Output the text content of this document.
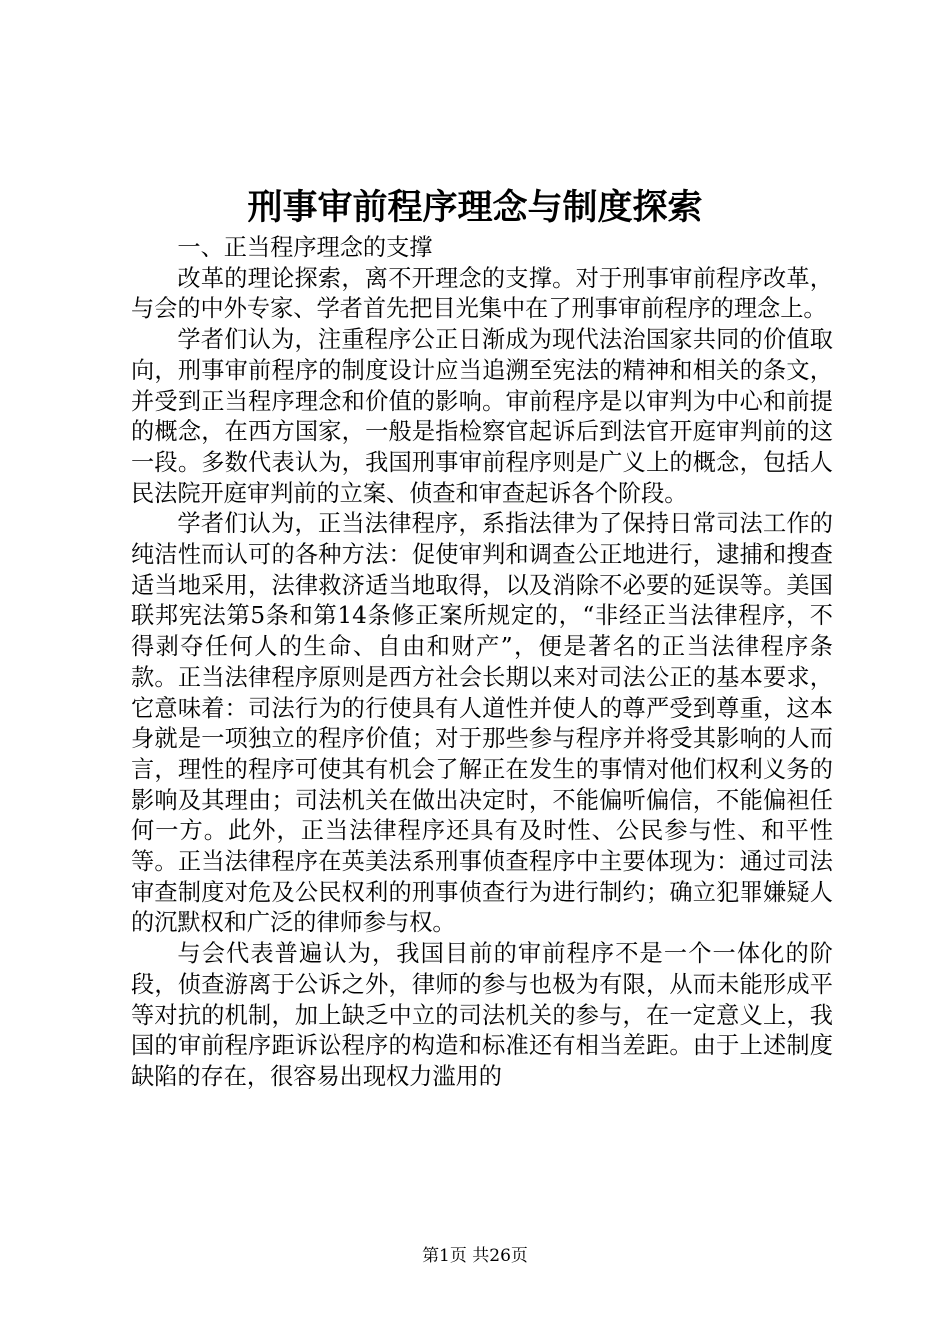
刑事审前程序理念与制度探索
一、正当程序理念的支撑

改革的理论探索，离不开理念的支撑。对于刑事审前程序改革，与会的中外专家、学者首先把目光集中在了刑事审前程序的理念上。

学者们认为，注重程序公正日渐成为现代法治国家共同的价值取向，刑事审前程序的制度设计应当追溯至宪法的精神和相关的条文，并受到正当程序理念和价值的影响。审前程序是以审判为中心和前提的概念，在西方国家，一般是指检察官起诉后到法官开庭审判前的这一段。多数代表认为，我国刑事审前程序则是广义上的概念，包括人民法院开庭审判前的立案、侦查和审查起诉各个阶段。

学者们认为，正当法律程序，系指法律为了保持日常司法工作的纯洁性而认可的各种方法：促使审判和调查公正地进行，逮捕和搜查适当地采用，法律救济适当地取得，以及消除不必要的延误等。美国联邦宪法第5条和第14条修正案所规定的，“非经正当法律程序，不得剥夺任何人的生命、自由和财产”，便是著名的正当法律程序条款。正当法律程序原则是西方社会长期以来对司法公正的基本要求，它意味着：司法行为的行使具有人道性并使人的尊严受到尊重，这本身就是一项独立的程序价值；对于那些参与程序并将受其影响的人而言，理性的程序可使其有机会了解正在发生的事情对他们权利义务的影响及其理由；司法机关在做出决定时，不能偏听偏信，不能偏袒任何一方。此外，正当法律程序还具有及时性、公民参与性、和平性等。正当法律程序在英美法系刑事侦查程序中主要体现为：通过司法审查制度对危及公民权利的刑事侦查行为进行制约；确立犯罪嫌疑人的沉默权和广泛的律师参与权。

与会代表普遍认为，我国目前的审前程序不是一个一体化的阶段，侦查游离于公诉之外，律师的参与也极为有限，从而未能形成平等对抗的机制，加上缺乏中立的司法机关的参与，在一定意义上，我国的审前程序距诉讼程序的构造和标准还有相当差距。由于上述制度缺陷的存在，很容易出现权力滥用的

第1页 共26页
